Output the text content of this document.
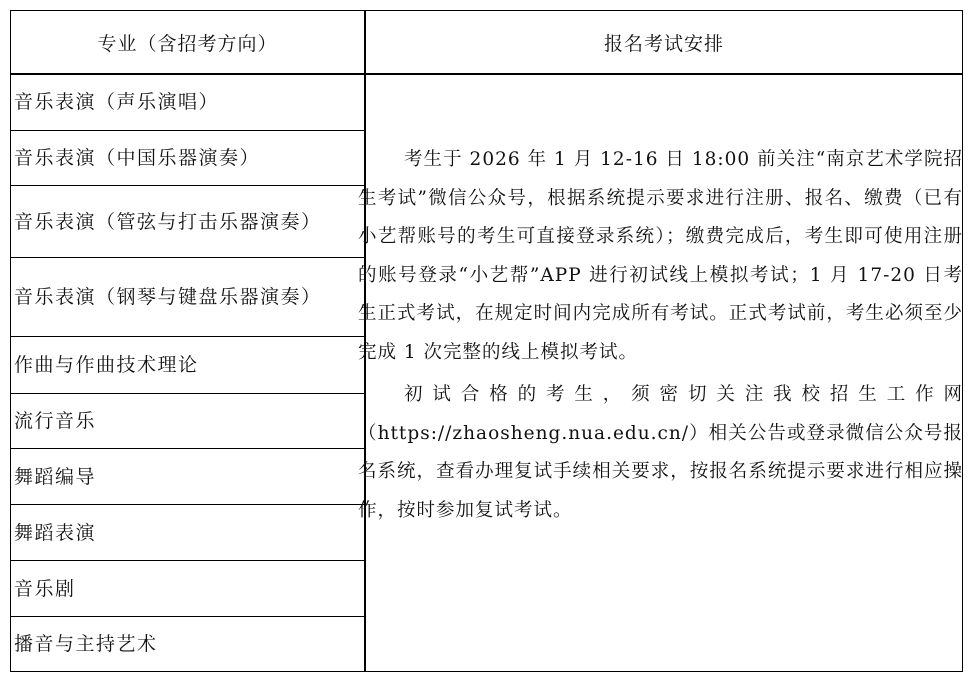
专业（含招考方向）	报名考试安排
音乐表演（声乐演唱）
音乐表演（中国乐器演奏）
音乐表演（管弦与打击乐器演奏）
音乐表演（钢琴与键盘乐器演奏）
作曲与作曲技术理论
流行音乐
舞蹈编导
舞蹈表演
音乐剧
播音与主持艺术

考生于 2026 年 1 月 12-16 日 18:00 前关注“南京艺术学院招生考试”微信公众号，根据系统提示要求进行注册、报名、缴费（已有小艺帮账号的考生可直接登录系统）；缴费完成后，考生即可使用注册的账号登录“小艺帮”APP 进行初试线上模拟考试；1 月 17-20 日考生正式考试，在规定时间内完成所有考试。正式考试前，考生必须至少完成 1 次完整的线上模拟考试。

初试合格的考生，须密切关注我校招生工作网（https://zhaosheng.nua.edu.cn/）相关公告或登录微信公众号报名系统，查看办理复试手续相关要求，按报名系统提示要求进行相应操作，按时参加复试考试。
